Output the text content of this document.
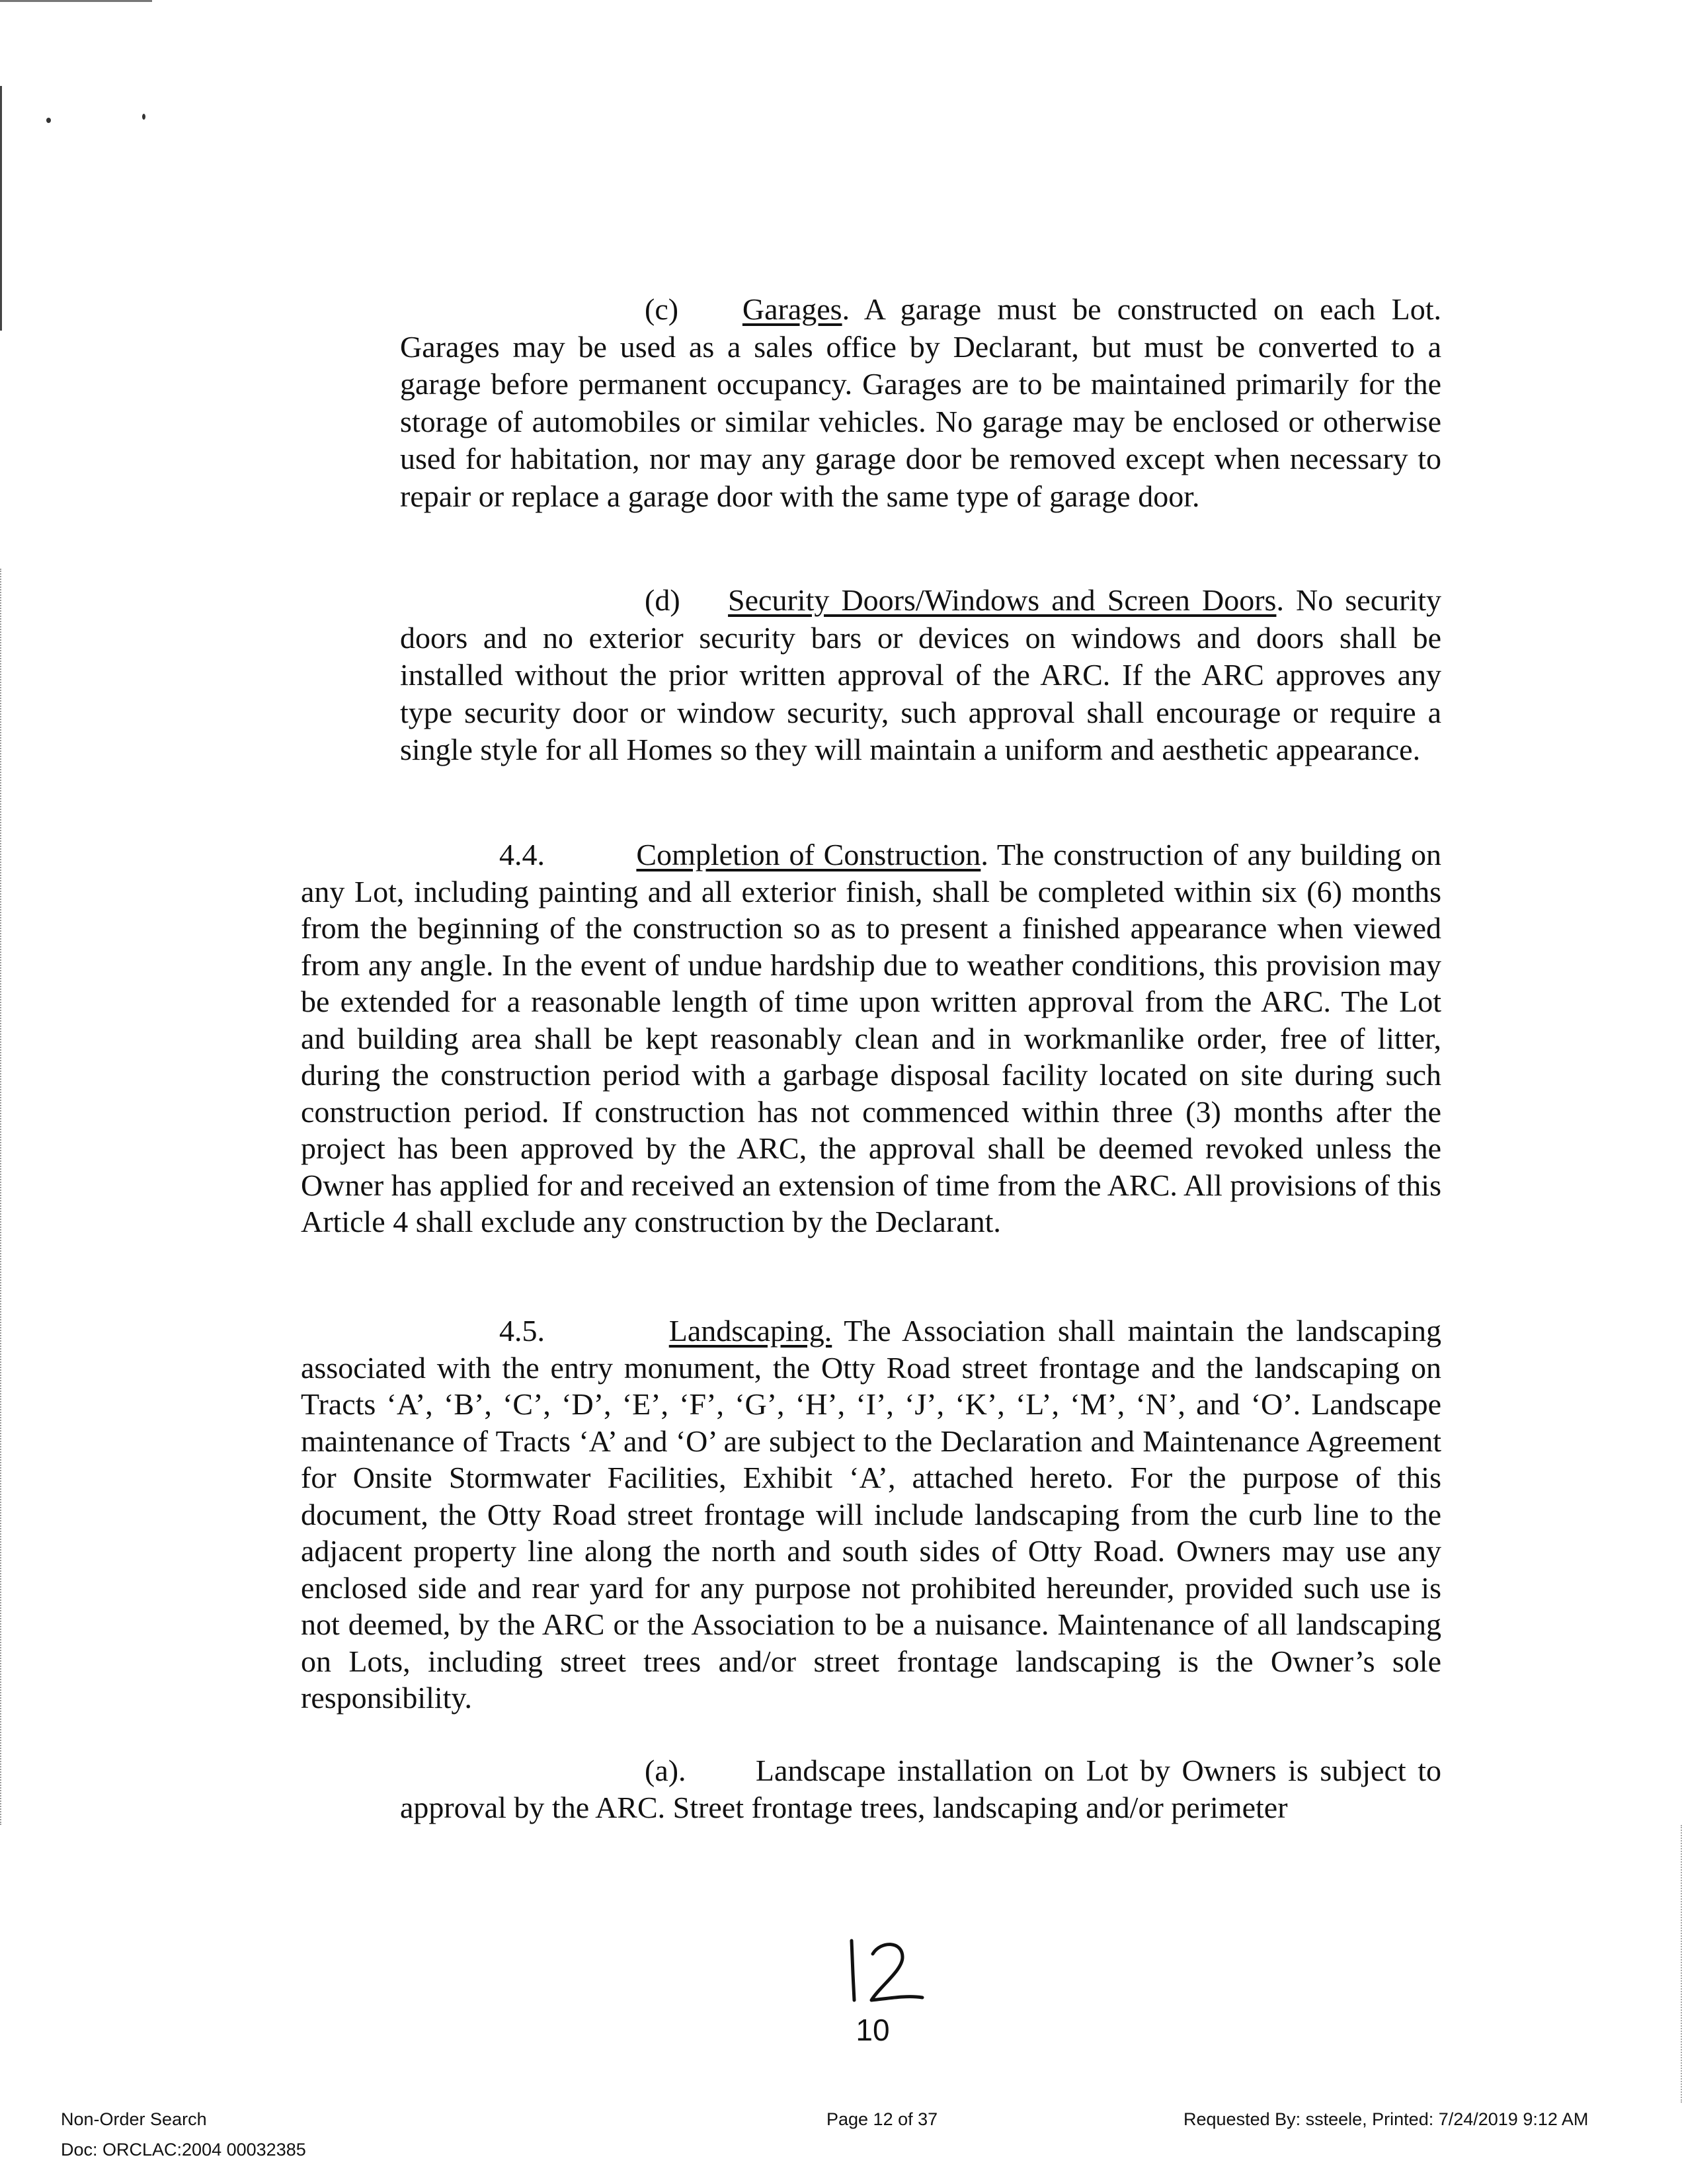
(c) Garages. A garage must be constructed on each Lot. Garages may be used as a sales office by Declarant, but must be converted to a garage before permanent occupancy. Garages are to be maintained primarily for the storage of automobiles or similar vehicles. No garage may be enclosed or otherwise used for habitation, nor may any garage door be removed except when necessary to repair or replace a garage door with the same type of garage door.

(d) Security Doors/Windows and Screen Doors. No security doors and no exterior security bars or devices on windows and doors shall be installed without the prior written approval of the ARC. If the ARC approves any type security door or window security, such approval shall encourage or require a single style for all Homes so they will maintain a uniform and aesthetic appearance.

4.4.	Completion of Construction. The construction of any building on any Lot, including painting and all exterior finish, shall be completed within six (6) months from the beginning of the construction so as to present a finished appearance when viewed from any angle. In the event of undue hardship due to weather conditions, this provision may be extended for a reasonable length of time upon written approval from the ARC. The Lot and building area shall be kept reasonably clean and in workmanlike order, free of litter, during the construction period with a garbage disposal facility located on site during such construction period. If construction has not commenced within three (3) months after the project has been approved by the ARC, the approval shall be deemed revoked unless the Owner has applied for and received an extension of time from the ARC. All provisions of this Article 4 shall exclude any construction by the Declarant.

4.5.	Landscaping. The Association shall maintain the landscaping associated with the entry monument, the Otty Road street frontage and the landscaping on Tracts ‘A’, ‘B’, ‘C’, ‘D’, ‘E’, ‘F’, ‘G’, ‘H’, ‘I’, ‘J’, ‘K’, ‘L’, ‘M’, ‘N’, and ‘O’. Landscape maintenance of Tracts ‘A’ and ‘O’ are subject to the Declaration and Maintenance Agreement for Onsite Stormwater Facilities, Exhibit ‘A’, attached hereto. For the purpose of this document, the Otty Road street frontage will include landscaping from the curb line to the adjacent property line along the north and south sides of Otty Road. Owners may use any enclosed side and rear yard for any purpose not prohibited hereunder, provided such use is not deemed, by the ARC or the Association to be a nuisance. Maintenance of all landscaping on Lots, including street trees and/or street frontage landscaping is the Owner’s sole responsibility.

(a). Landscape installation on Lot by Owners is subject to approval by the ARC. Street frontage trees, landscaping and/or perimeter

10
Non-Order Search
Doc: ORCLAC:2004 00032385
Page 12 of 37	Requested By: ssteele, Printed: 7/24/2019 9:12 AM
